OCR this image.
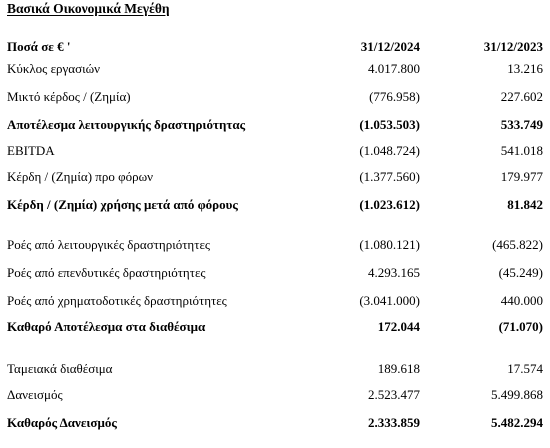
Βασικά Οικονομικά Μεγέθη
Ποσά σε € '	31/12/2024	31/12/2023
Κύκλος εργασιών	4.017.800	13.216
Μικτό κέρδος / (Ζημία)	(776.958)	227.602
Αποτέλεσμα λειτουργικής δραστηριότητας	(1.053.503)	533.749
EBITDA	(1.048.724)	541.018
Κέρδη / (Ζημία) προ φόρων	(1.377.560)	179.977
Κέρδη / (Ζημία) χρήσης μετά από φόρους	(1.023.612)	81.842
Ροές από λειτουργικές δραστηριότητες	(1.080.121)	(465.822)
Ροές από επενδυτικές δραστηριότητες	4.293.165	(45.249)
Ροές από χρηματοδοτικές δραστηριότητες	(3.041.000)	440.000
Καθαρό Αποτέλεσμα στα διαθέσιμα	172.044	(71.070)
Ταμειακά διαθέσιμα	189.618	17.574
Δανεισμός	2.523.477	5.499.868
Καθαρός Δανεισμός	2.333.859	5.482.294
